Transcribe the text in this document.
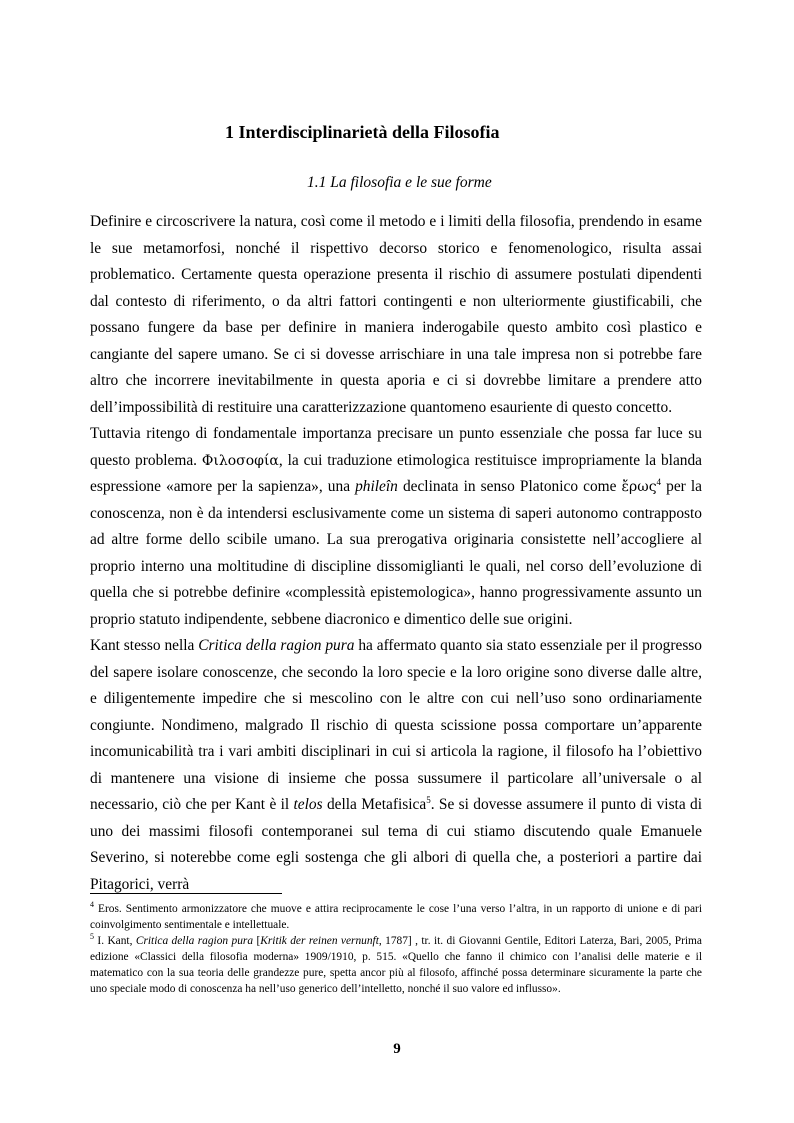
1 Interdisciplinarietà della Filosofia
1.1 La filosofia e le sue forme

Definire e circoscrivere la natura, così come il metodo e i limiti della filosofia, prendendo in esame le sue metamorfosi, nonché il rispettivo decorso storico e fenomenologico, risulta assai problematico. Certamente questa operazione presenta il rischio di assumere postulati dipendenti dal contesto di riferimento, o da altri fattori contingenti e non ulteriormente giustificabili, che possano fungere da base per definire in maniera inderogabile questo ambito così plastico e cangiante del sapere umano. Se ci si dovesse arrischiare in una tale impresa non si potrebbe fare altro che incorrere inevitabilmente in questa aporia e ci si dovrebbe limitare a prendere atto dell’impossibilità di restituire una caratterizzazione quantomeno esauriente di questo concetto.

Tuttavia ritengo di fondamentale importanza precisare un punto essenziale che possa far luce su questo problema. Φιλοσοφία, la cui traduzione etimologica restituisce impropriamente la blanda espressione «amore per la sapienza», una phileîn declinata in senso Platonico come ἔρως$^4$ per la conoscenza, non è da intendersi esclusivamente come un sistema di saperi autonomo contrapposto ad altre forme dello scibile umano. La sua prerogativa originaria consistette nell’accogliere al proprio interno una moltitudine di discipline dissomiglianti le quali, nel corso dell’evoluzione di quella che si potrebbe definire «complessità epistemologica», hanno progressivamente assunto un proprio statuto indipendente, sebbene diacronico e dimentico delle sue origini.

Kant stesso nella Critica della ragion pura ha affermato quanto sia stato essenziale per il progresso del sapere isolare conoscenze, che secondo la loro specie e la loro origine sono diverse dalle altre, e diligentemente impedire che si mescolino con le altre con cui nell’uso sono ordinariamente congiunte. Nondimeno, malgrado Il rischio di questa scissione possa comportare un’apparente incomunicabilità tra i vari ambiti disciplinari in cui si articola la ragione, il filosofo ha l’obiettivo di mantenere una visione di insieme che possa sussumere il particolare all’universale o al necessario, ciò che per Kant è il telos della Metafisica$^5$. Se si dovesse assumere il punto di vista di uno dei massimi filosofi contemporanei sul tema di cui stiamo discutendo quale Emanuele Severino, si noterebbe come egli sostenga che gli albori di quella che, a posteriori a partire dai Pitagorici, verrà

$^4$ Eros. Sentimento armonizzatore che muove e attira reciprocamente le cose l’una verso l’altra, in un rapporto di unione e di pari coinvolgimento sentimentale e intellettuale.

$^5$ I. Kant, Critica della ragion pura [Kritik der reinen vernunft, 1787] , tr. it. di Giovanni Gentile, Editori Laterza, Bari, 2005, Prima edizione «Classici della filosofia moderna» 1909/1910, p. 515. «Quello che fanno il chimico con l’analisi delle materie e il matematico con la sua teoria delle grandezze pure, spetta ancor più al filosofo, affinché possa determinare sicuramente la parte che uno speciale modo di conoscenza ha nell’uso generico dell’intelletto, nonché il suo valore ed influsso».

9
